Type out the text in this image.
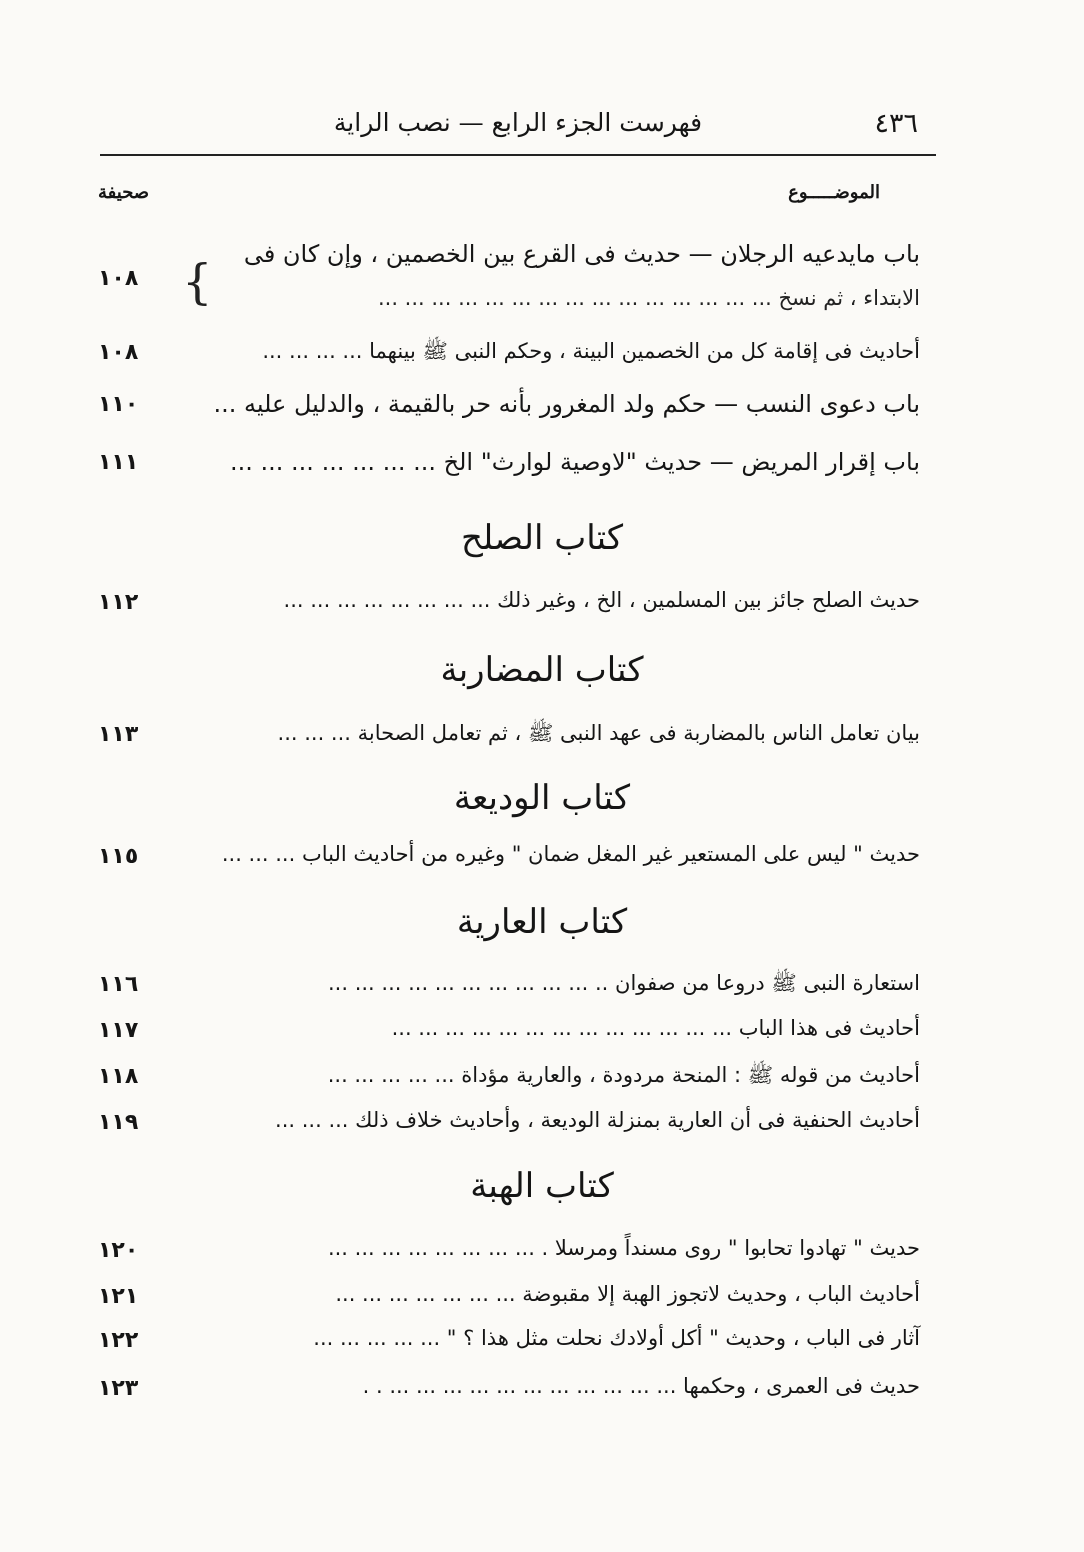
٤٣٦
فهرست الجزء الرابع — نصب الراية
الموضـــــوع
صحيفة
باب مايدعيه الرجلان — حديث فى القرع بين الخصمين ، وإن كان فى
الابتداء ، ثم نسخ ... ... ... ... ... ... ... ... ... ... ... ... ... ... ...
١٠٨ {
أحاديث فى إقامة كل من الخصمين البينة ، وحكم النبى ﷺ بينهما ... ... ... ...
١٠٨
باب دعوى النسب — حكم ولد المغرور بأنه حر بالقيمة ، والدليل عليه ...
١١٠
باب إقرار المريض — حديث "لاوصية لوارث" الخ ... ... ... ... ... ... ...
١١١
كتاب الصلح
حديث الصلح جائز بين المسلمين ، الخ ، وغير ذلك ... ... ... ... ... ... ... ...
١١٢
كتاب المضاربة
بيان تعامل الناس بالمضاربة فى عهد النبى ﷺ ، ثم تعامل الصحابة ... ... ...
١١٣
كتاب الوديعة
حديث " ليس على المستعير غير المغل ضمان " وغيره من أحاديث الباب ... ... ...
١١٥
كتاب العارية
استعارة النبى ﷺ دروعا من صفوان .. ... ... ... ... ... ... ... ... ... ...
١١٦
أحاديث فى هذا الباب ... ... ... ... ... ... ... ... ... ... ... ... ...
١١٧
أحاديث من قوله ﷺ : المنحة مردودة ، والعارية مؤداة ... ... ... ... ...
١١٨
أحاديث الحنفية فى أن العارية بمنزلة الوديعة ، وأحاديث خلاف ذلك ... ... ...
١١٩
كتاب الهبة
حديث " تهادوا تحابوا " روى مسنداً ومرسلا . ... ... ... ... ... ... ... ...
١٢٠
أحاديث الباب ، وحديث لاتجوز الهبة إلا مقبوضة ... ... ... ... ... ... ...
١٢١
آثار فى الباب ، وحديث " أكل أولادك نحلت مثل هذا ؟ " ... ... ... ... ...
١٢٢
حديث فى العمرى ، وحكمها ... ... ... ... ... ... ... ... ... ... ... . .
١٢٣
